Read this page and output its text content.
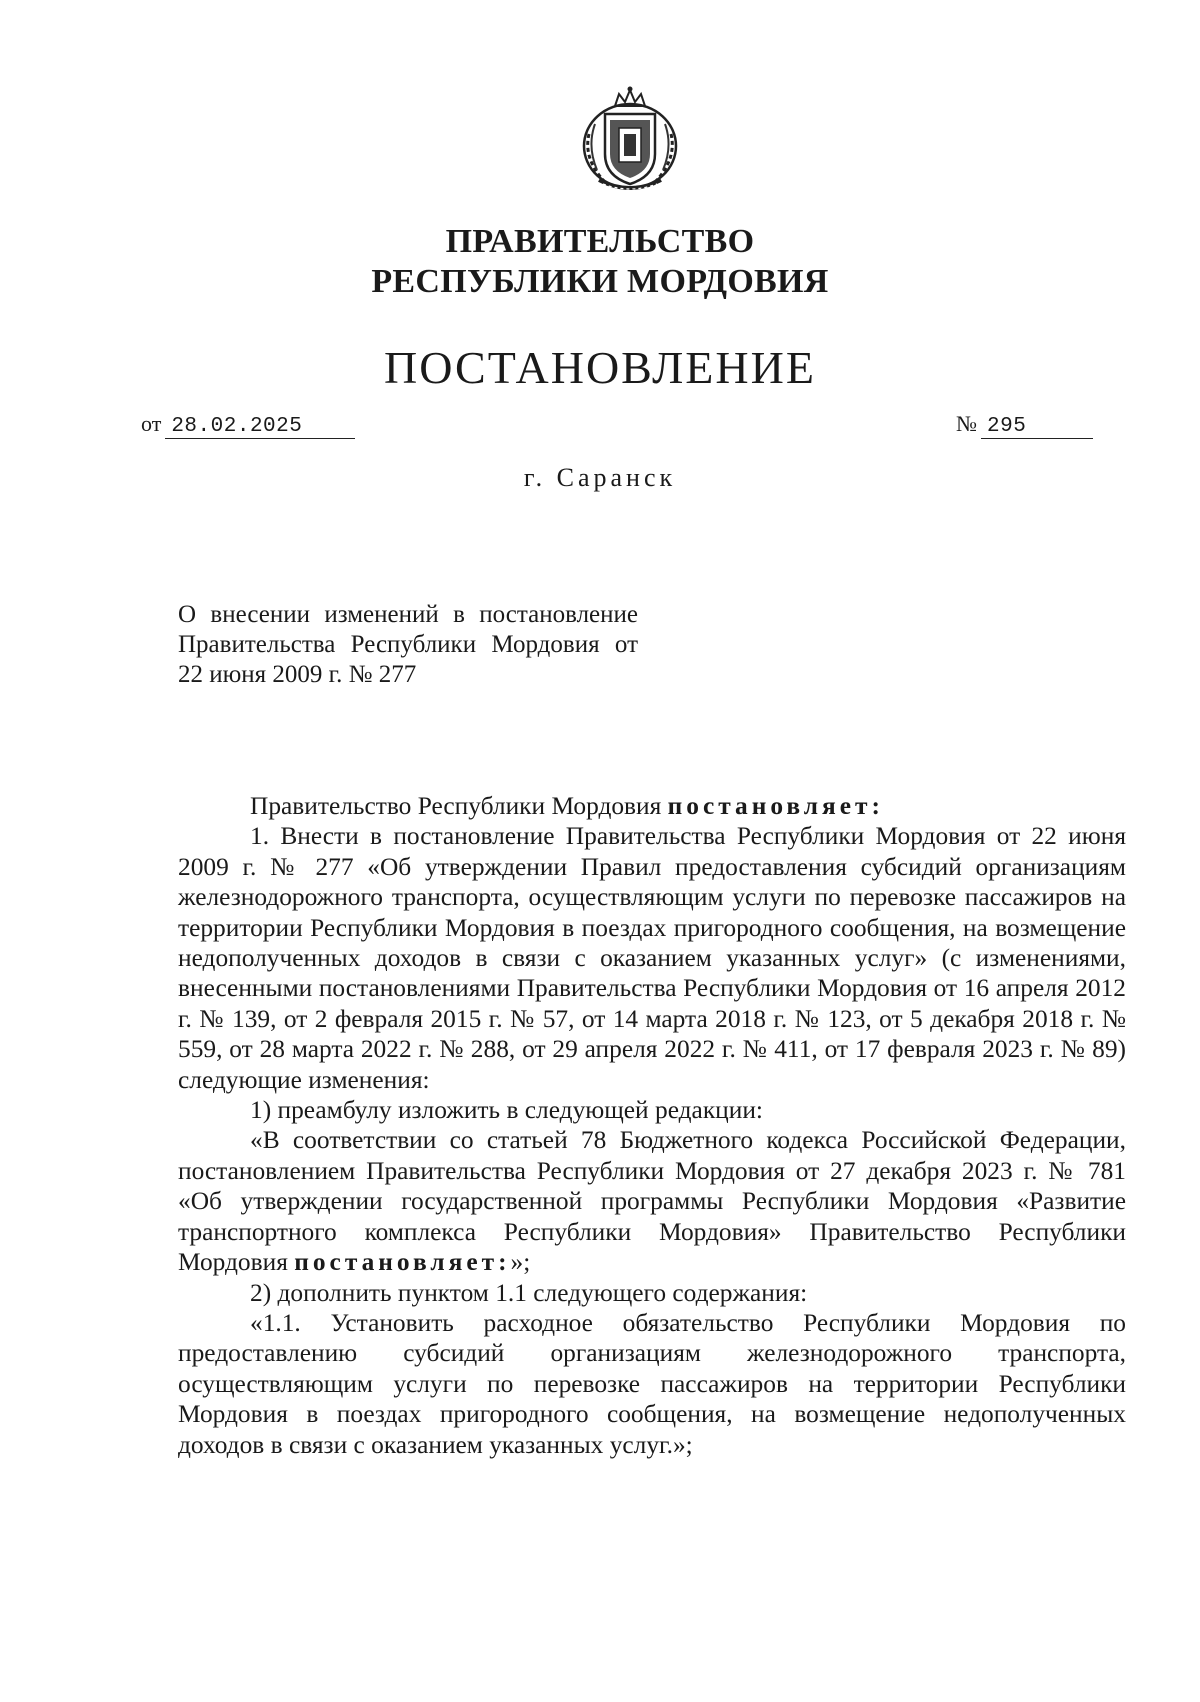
ПРАВИТЕЛЬСТВО
РЕСПУБЛИКИ МОРДОВИЯ
ПОСТАНОВЛЕНИЕ
от 28.02.2025	№ 295
г. Саранск
О внесении изменений в постановление Правительства Республики Мордовия от 22 июня 2009 г. № 277

Правительство Республики Мордовия постановляет:

1. Внести в постановление Правительства Республики Мордовия от 22 июня 2009 г. № 277 «Об утверждении Правил предоставления субсидий организациям железнодорожного транспорта, осуществляющим услуги по перевозке пассажиров на территории Республики Мордовия в поездах пригородного сообщения, на возмещение недополученных доходов в связи с оказанием указанных услуг» (с изменениями, внесенными постановлениями Правительства Республики Мордовия от 16 апреля 2012 г. № 139, от 2 февраля 2015 г. № 57, от 14 марта 2018 г. № 123, от 5 декабря 2018 г. № 559, от 28 марта 2022 г. № 288, от 29 апреля 2022 г. № 411, от 17 февраля 2023 г. № 89) следующие изменения:

1) преамбулу изложить в следующей редакции:

«В соответствии со статьей 78 Бюджетного кодекса Российской Федерации, постановлением Правительства Республики Мордовия от 27 декабря 2023 г. № 781 «Об утверждении государственной программы Республики Мордовия «Развитие транспортного комплекса Республики Мордовия» Правительство Республики Мордовия постановляет:»;

2) дополнить пунктом 1.1 следующего содержания:

«1.1. Установить расходное обязательство Республики Мордовия по предоставлению субсидий организациям железнодорожного транспорта, осуществляющим услуги по перевозке пассажиров на территории Республики Мордовия в поездах пригородного сообщения, на возмещение недополученных доходов в связи с оказанием указанных услуг.»;
